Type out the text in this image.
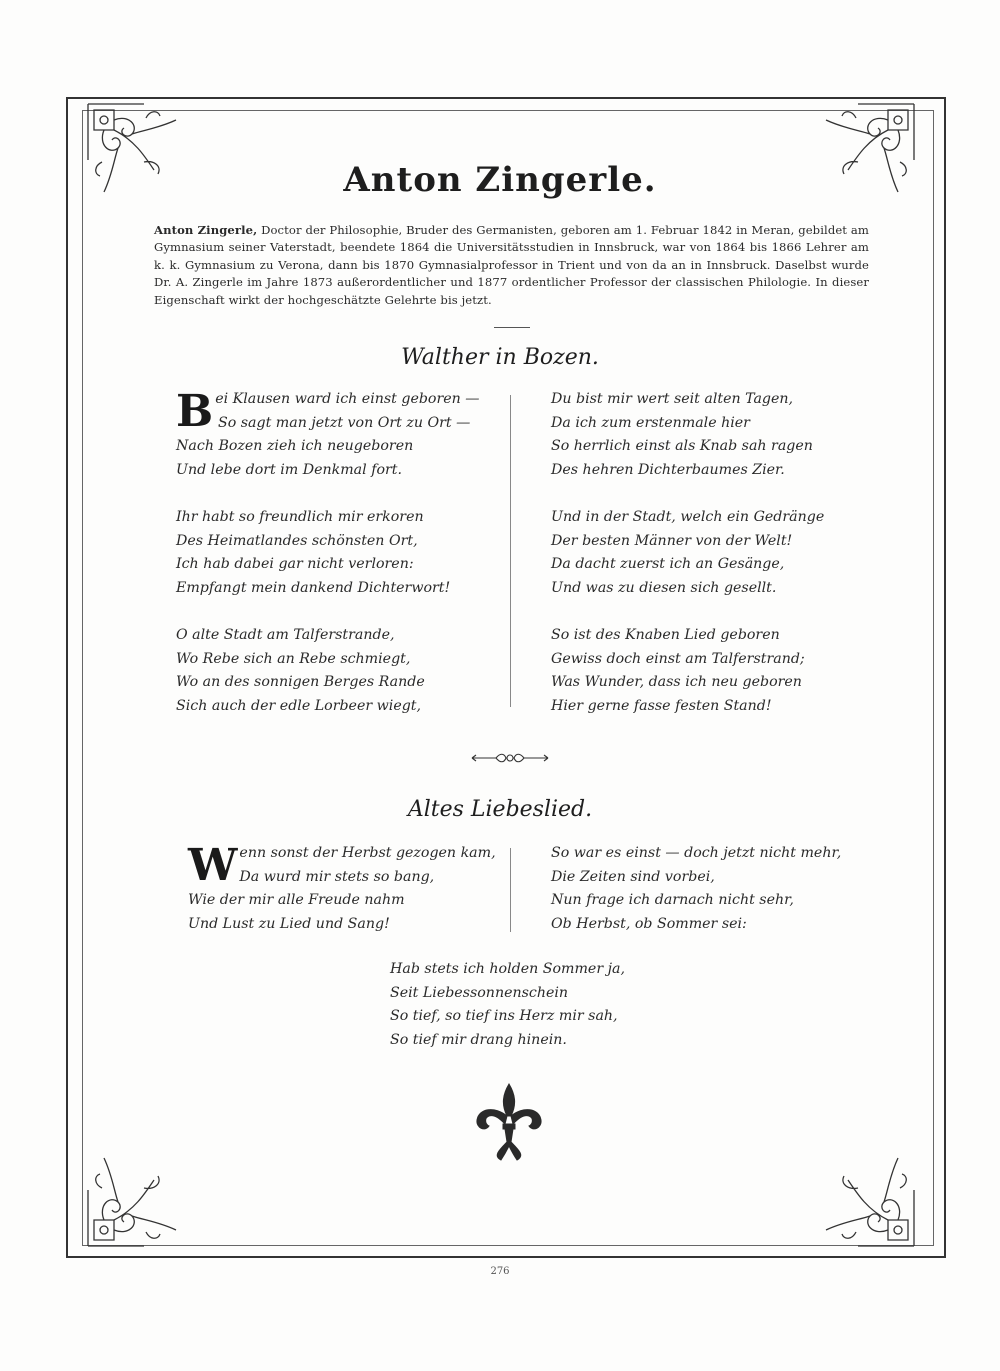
Anton Zingerle.

Anton Zingerle, Doctor der Philosophie, Bruder des Germanisten, geboren am 1. Februar 1842 in Meran, gebildet am Gymnasium seiner Vaterstadt, beendete 1864 die Universitätsstudien in Innsbruck, war von 1864 bis 1866 Lehrer am k. k. Gymnasium zu Verona, dann bis 1870 Gymnasialprofessor in Trient und von da an in Innsbruck. Daselbst wurde Dr. A. Zingerle im Jahre 1873 außerordentlicher und 1877 ordentlicher Professor der classischen Philologie. In dieser Eigenschaft wirkt der hochgeschätzte Gelehrte bis jetzt.

Walther in Bozen.
B ei Klausen ward ich einst geboren —
So sagt man jetzt von Ort zu Ort —
Nach Bozen zieh ich neugeboren
Und lebe dort im Denkmal fort.
Ihr habt so freundlich mir erkoren
Des Heimatlandes schönsten Ort,
Ich hab dabei gar nicht verloren:
Empfangt mein dankend Dichterwort!
O alte Stadt am Talferstrande,
Wo Rebe sich an Rebe schmiegt,
Wo an des sonnigen Berges Rande
Sich auch der edle Lorbeer wiegt,
Du bist mir wert seit alten Tagen,
Da ich zum erstenmale hier
So herrlich einst als Knab sah ragen
Des hehren Dichterbaumes Zier.
Und in der Stadt, welch ein Gedränge
Der besten Männer von der Welt!
Da dacht zuerst ich an Gesänge,
Und was zu diesen sich gesellt.
So ist des Knaben Lied geboren
Gewiss doch einst am Talferstrand;
Was Wunder, dass ich neu geboren
Hier gerne fasse festen Stand!
Altes Liebeslied.
W enn sonst der Herbst gezogen kam,
Da wurd mir stets so bang,
Wie der mir alle Freude nahm
Und Lust zu Lied und Sang!
So war es einst — doch jetzt nicht mehr,
Die Zeiten sind vorbei,
Nun frage ich darnach nicht sehr,
Ob Herbst, ob Sommer sei:
Hab stets ich holden Sommer ja,
Seit Liebessonnenschein
So tief, so tief ins Herz mir sah,
So tief mir drang hinein.
276
